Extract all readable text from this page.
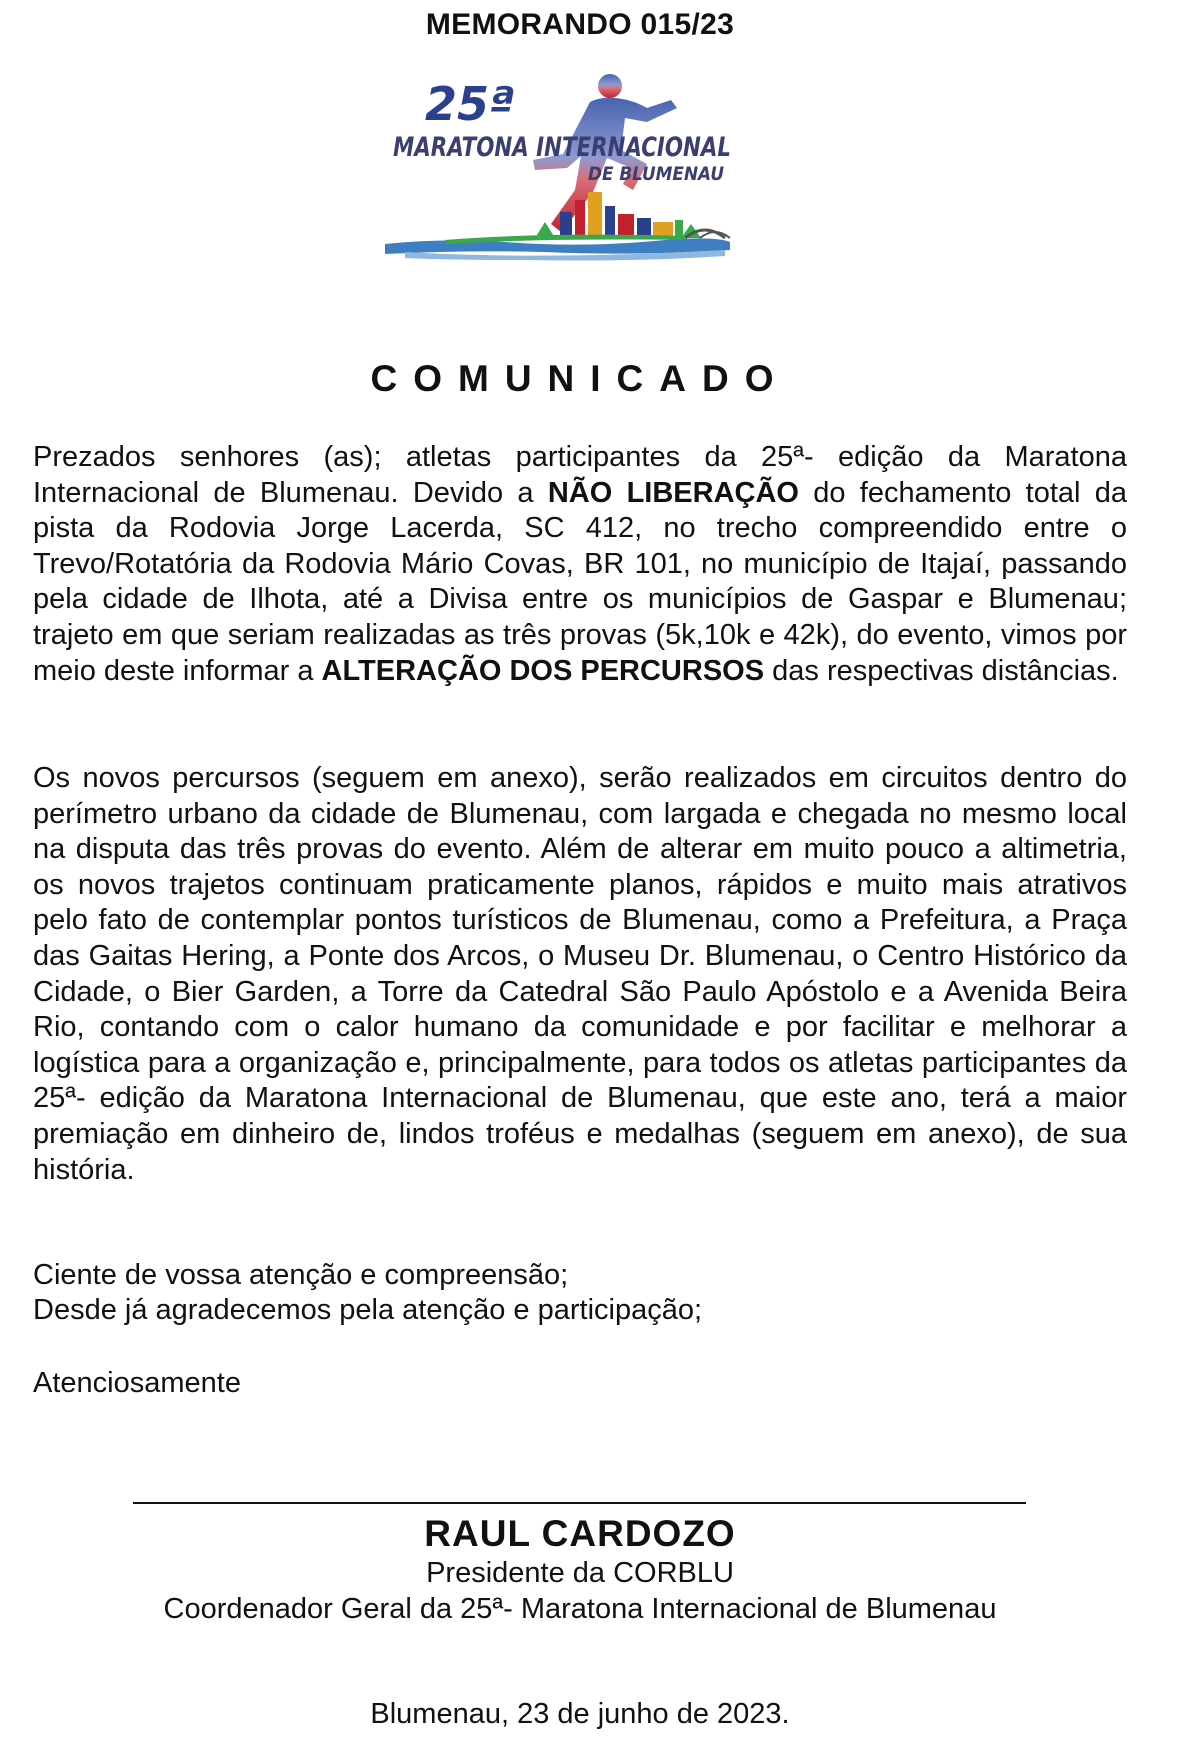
MEMORANDO 015/23
25ª
MARATONA INTERNACIONAL
DE BLUMENAU
COMUNICADO
Prezados senhores (as); atletas participantes da 25ª- edição da Maratona Internacional de Blumenau. Devido a NÃO LIBERAÇÃO do fechamento total da pista da Rodovia Jorge Lacerda, SC 412, no trecho compreendido entre o Trevo/Rotatória da Rodovia Mário Covas, BR 101, no município de Itajaí, passando pela cidade de Ilhota, até a Divisa entre os municípios de Gaspar e Blumenau; trajeto em que seriam realizadas as três provas (5k,10k e 42k), do evento, vimos por meio deste informar a ALTERAÇÃO DOS PERCURSOS das respectivas distâncias.
Os novos percursos (seguem em anexo), serão realizados em circuitos dentro do perímetro urbano da cidade de Blumenau, com largada e chegada no mesmo local na disputa das três provas do evento. Além de alterar em muito pouco a altimetria, os novos trajetos continuam praticamente planos, rápidos e muito mais atrativos pelo fato de contemplar pontos turísticos de Blumenau, como a Prefeitura, a Praça das Gaitas Hering, a Ponte dos Arcos, o Museu Dr. Blumenau, o Centro Histórico da Cidade, o Bier Garden, a Torre da Catedral São Paulo Apóstolo e a Avenida Beira Rio, contando com o calor humano da comunidade e por facilitar e melhorar a logística para a organização e, principalmente, para todos os atletas participantes da 25ª- edição da Maratona Internacional de Blumenau, que este ano, terá a maior premiação em dinheiro de, lindos troféus e medalhas (seguem em anexo), de sua história.
Ciente de vossa atenção e compreensão;
Desde já agradecemos pela atenção e participação;
Atenciosamente
RAUL CARDOZO
Presidente da CORBLU
Coordenador Geral da 25ª- Maratona Internacional de Blumenau
Blumenau, 23 de junho de 2023.
